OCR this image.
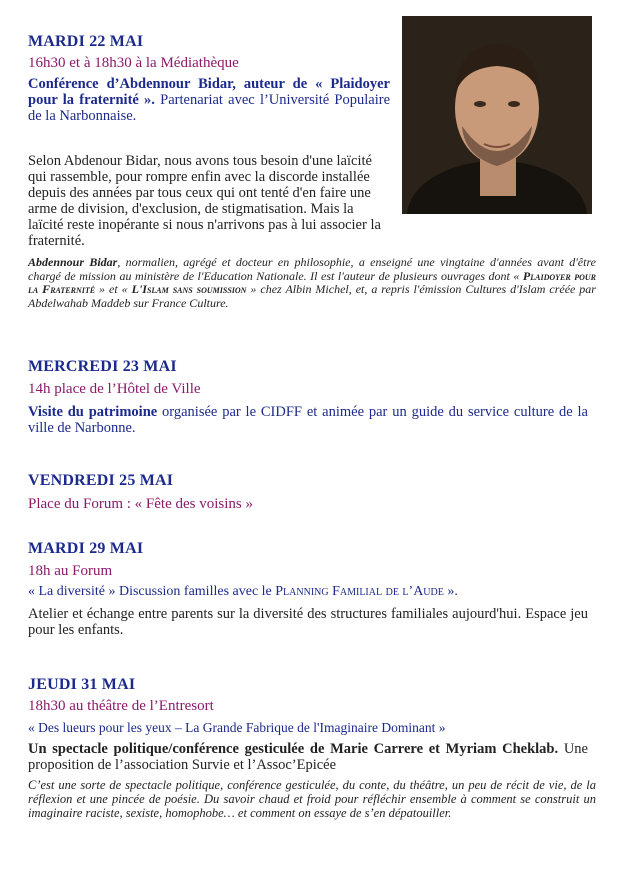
MARDI 22 MAI
16h30 et à 18h30 à la Médiathèque
Conférence d’Abdennour Bidar, auteur de « Plaidoyer pour la fraternité ». Partenariat avec l’Université Populaire de la Narbonnaise.
Selon Abdenour Bidar, nous avons tous besoin d'une laïcité qui rassemble, pour rompre enfin avec la discorde installée depuis des années par tous ceux qui ont tenté d'en faire une arme de division, d'exclusion, de stigmatisation. Mais la laïcité reste inopérante si nous n'arrivons pas à lui associer la fraternité.
Abdennour Bidar, normalien, agrégé et docteur en philosophie, a enseigné une vingtaine d'années avant d'être chargé de mission au ministère de l'Education Nationale. Il est l'auteur de plusieurs ouvrages dont « Plaidoyer pour la Fraternité » et « L'Islam sans soumission » chez Albin Michel, et, a repris l'émission Cultures d'Islam créée par Abdelwahab Maddeb sur France Culture.
MERCREDI 23 MAI
14h place de l’Hôtel de Ville
Visite du patrimoine organisée par le CIDFF et animée par un guide du service culture de la ville de Narbonne.
VENDREDI 25 MAI
Place du Forum : « Fête des voisins »
MARDI 29 MAI
18h au Forum
« La diversité » Discussion familles avec le Planning Familial de l’Aude ».
Atelier et échange entre parents sur la diversité des structures familiales aujourd'hui. Espace jeu pour les enfants.
JEUDI 31 MAI
18h30 au théâtre de l’Entresort
« Des lueurs pour les yeux – La Grande Fabrique de l'Imaginaire Dominant »
Un spectacle politique/conférence gesticulée de Marie Carrere et Myriam Cheklab. Une proposition de l’association Survie et l’Assoc’Epicée
C’est une sorte de spectacle politique, conférence gesticulée, du conte, du théâtre, un peu de récit de vie, de la réflexion et une pincée de poésie. Du savoir chaud et froid pour réfléchir ensemble à comment se construit un imaginaire raciste, sexiste, homophobe… et comment on essaye de s’en dépatouiller.
